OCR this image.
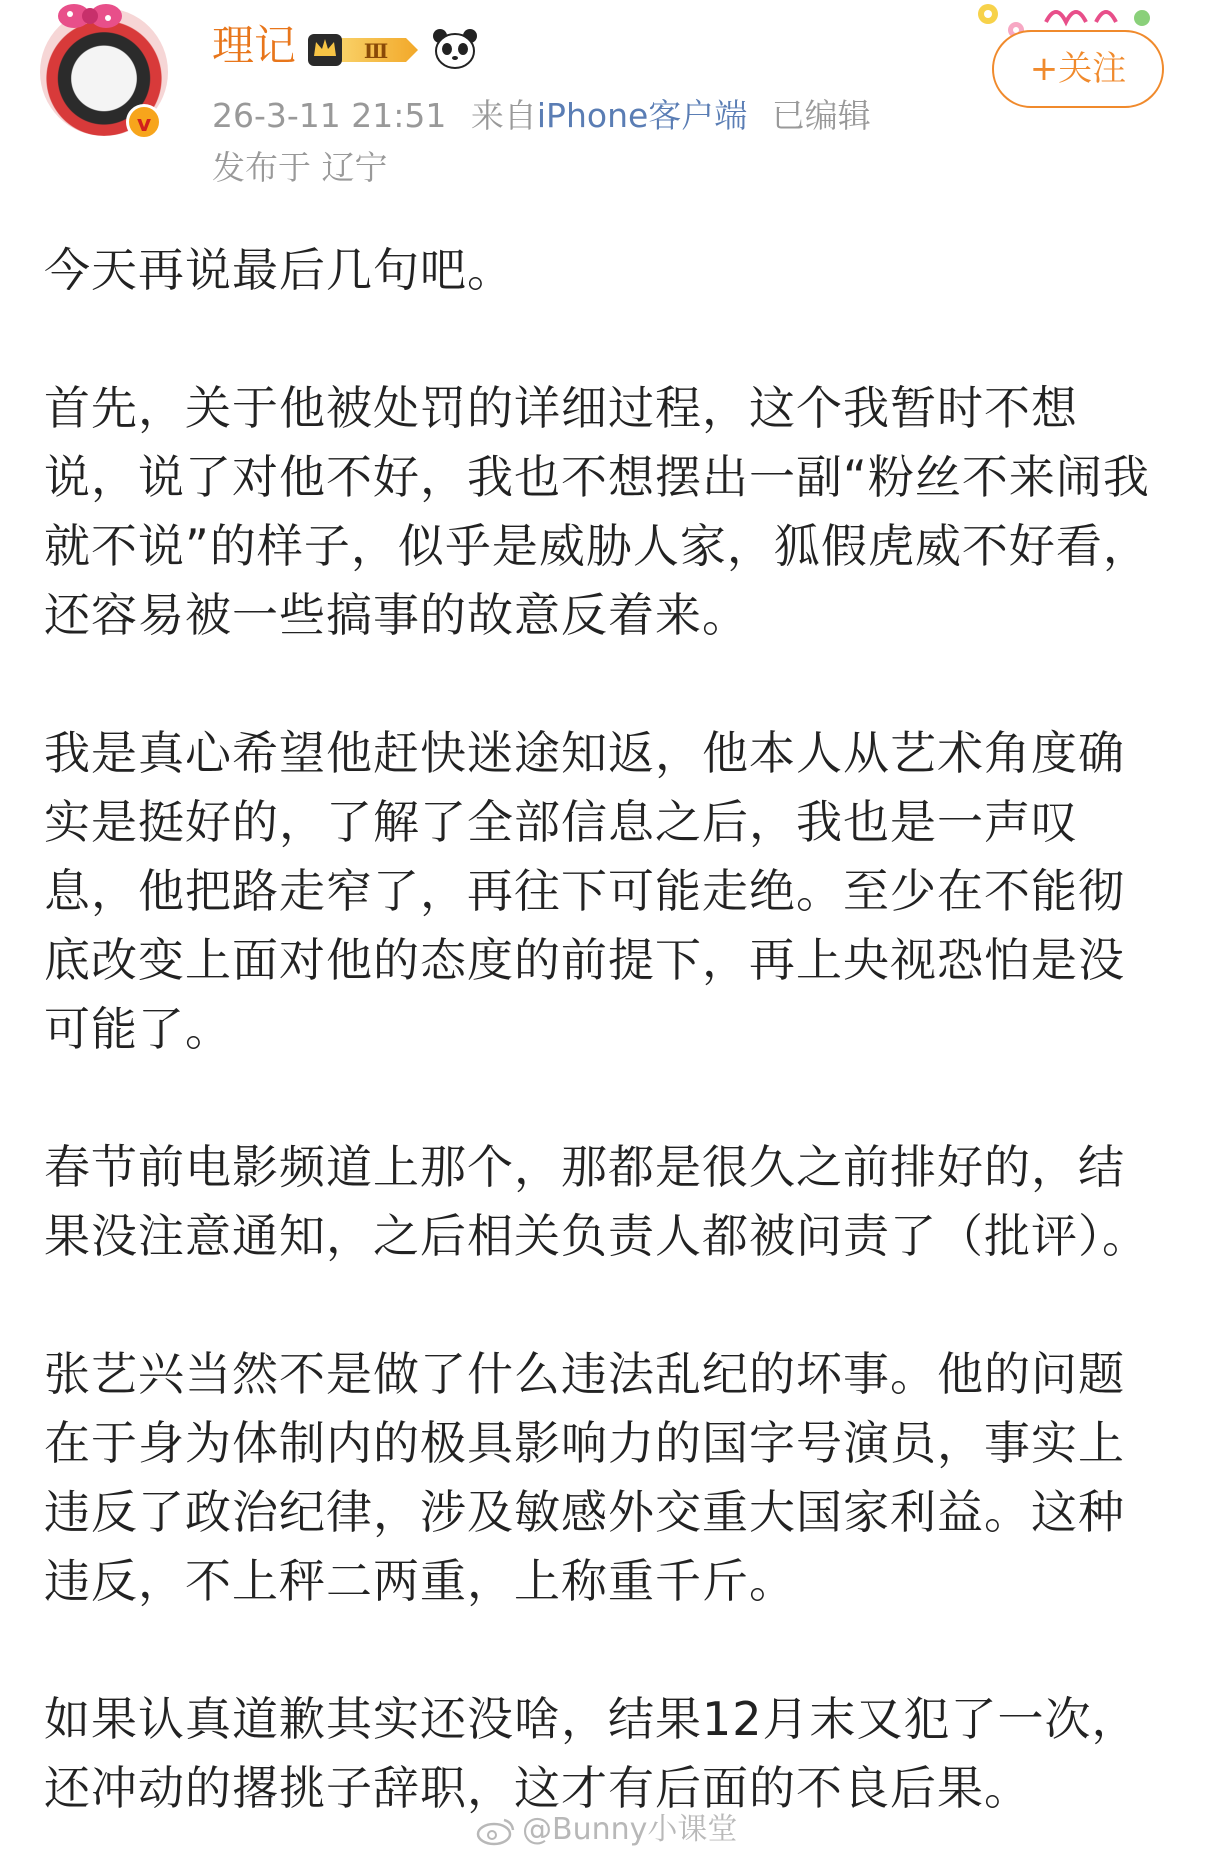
v
理记	Ⅲ
26-3-11 21:51 来自iPhone客户端 已编辑
发布于 辽宁
+关注

今天再说最后几句吧。

首先，关于他被处罚的详细过程，这个我暂时不想说，说了对他不好，我也不想摆出一副“粉丝不来闹我就不说”的样子，似乎是威胁人家，狐假虎威不好看，还容易被一些搞事的故意反着来。

我是真心希望他赶快迷途知返，他本人从艺术角度确实是挺好的，了解了全部信息之后，我也是一声叹息，他把路走窄了，再往下可能走绝。至少在不能彻底改变上面对他的态度的前提下，再上央视恐怕是没可能了。

春节前电影频道上那个，那都是很久之前排好的，结果没注意通知，之后相关负责人都被问责了（批评）。

张艺兴当然不是做了什么违法乱纪的坏事。他的问题在于身为体制内的极具影响力的国字号演员，事实上违反了政治纪律，涉及敏感外交重大国家利益。这种违反，不上秤二两重，上称重千斤。

如果认真道歉其实还没啥，结果12月末又犯了一次，还冲动的撂挑子辞职，这才有后面的不良后果。

@Bunny小课堂
